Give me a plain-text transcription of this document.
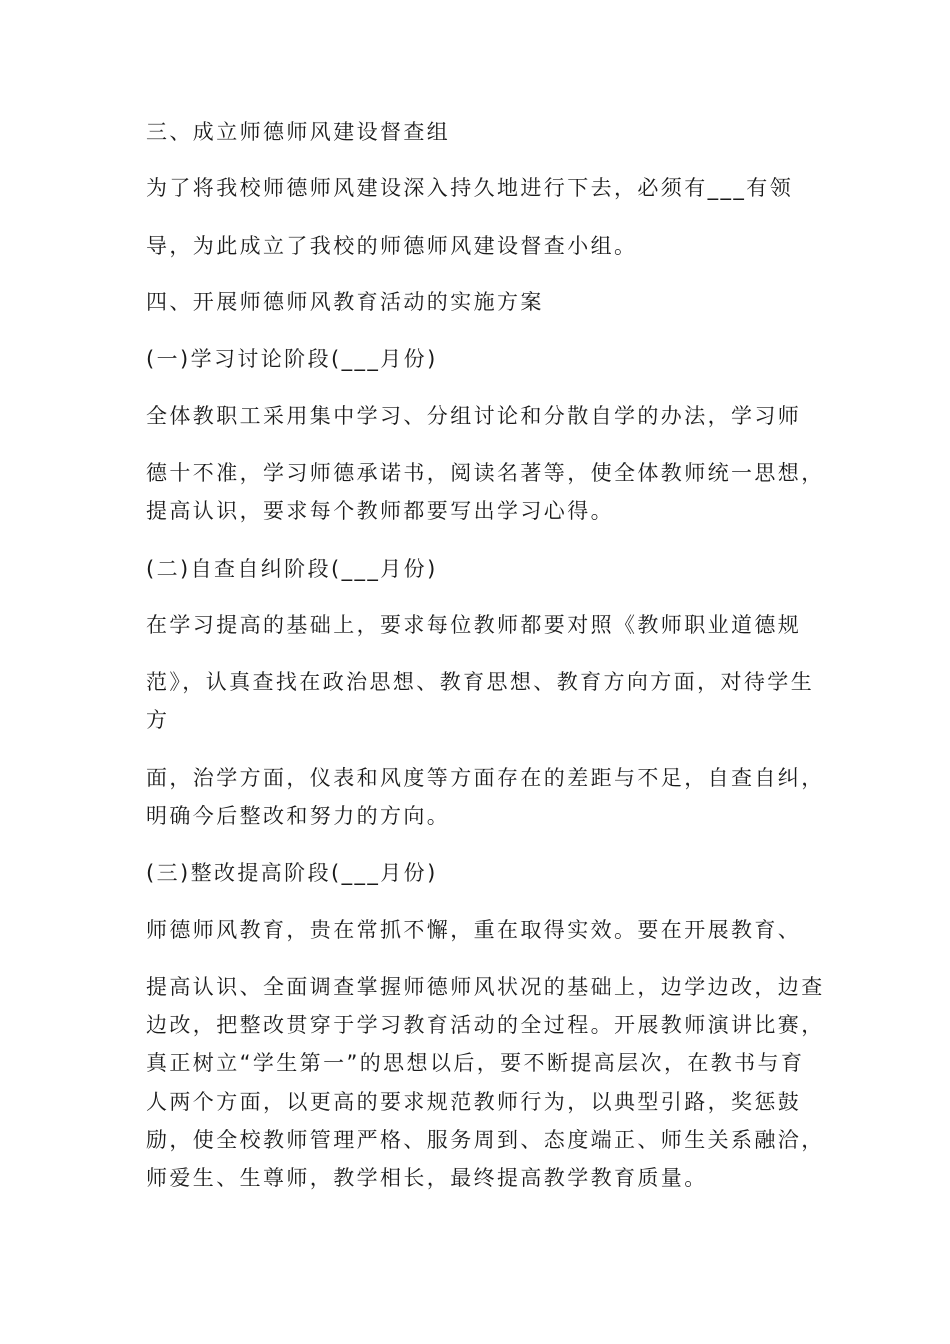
三、成立师德师风建设督查组
为了将我校师德师风建设深入持久地进行下去，必须有___有领
导，为此成立了我校的师德师风建设督查小组。
四、开展师德师风教育活动的实施方案
(一)学习讨论阶段(___月份)
全体教职工采用集中学习、分组讨论和分散自学的办法，学习师
德十不准，学习师德承诺书，阅读名著等，使全体教师统一思想，
提高认识，要求每个教师都要写出学习心得。
(二)自查自纠阶段(___月份)
在学习提高的基础上，要求每位教师都要对照《教师职业道德规
范》，认真查找在政治思想、教育思想、教育方向方面，对待学生
方
面，治学方面，仪表和风度等方面存在的差距与不足，自查自纠，
明确今后整改和努力的方向。
(三)整改提高阶段(___月份)
师德师风教育，贵在常抓不懈，重在取得实效。要在开展教育、
提高认识、全面调查掌握师德师风状况的基础上，边学边改，边查
边改，把整改贯穿于学习教育活动的全过程。开展教师演讲比赛，
真正树立“学生第一”的思想以后，要不断提高层次，在教书与育
人两个方面，以更高的要求规范教师行为，以典型引路，奖惩鼓
励，使全校教师管理严格、服务周到、态度端正、师生关系融洽，
师爱生、生尊师，教学相长，最终提高教学教育质量。
